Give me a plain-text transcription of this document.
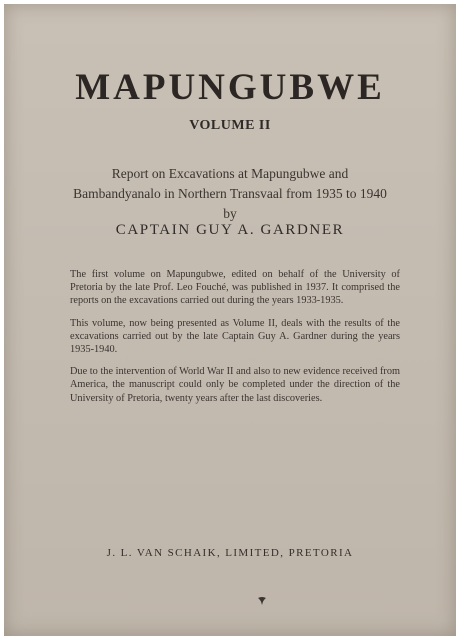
MAPUNGUBWE
VOLUME II
Report on Excavations at Mapungubwe and
Bambandyanalo in Northern Transvaal from 1935 to 1940
by
CAPTAIN GUY A. GARDNER

The first volume on Mapungubwe, edited on behalf of the University of Pretoria by the late Prof. Leo Fouché, was published in 1937. It comprised the reports on the excavations carried out during the years 1933-1935.

This volume, now being presented as Volume II, deals with the results of the excavations carried out by the late Captain Guy A. Gardner during the years 1935-1940.

Due to the intervention of World War II and also to new evidence received from America, the manuscript could only be completed under the direction of the University of Pretoria, twenty years after the last discoveries.

J. L. VAN SCHAIK, LIMITED, PRETORIA
